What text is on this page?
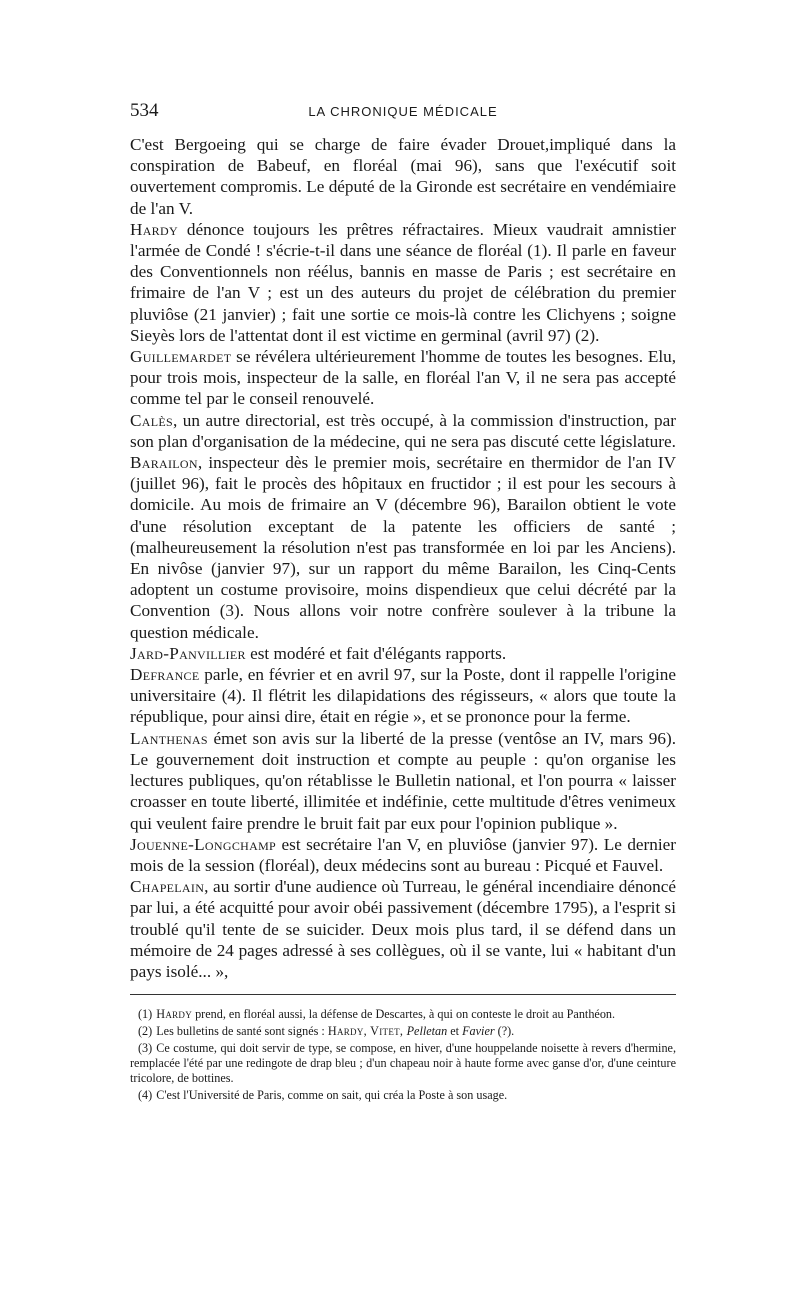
534	LA CHRONIQUE MÉDICALE

C'est Bergoeing qui se charge de faire évader Drouet,impliqué dans la conspiration de Babeuf, en floréal (mai 96), sans que l'exécutif soit ouvertement compromis. Le député de la Gironde est secrétaire en vendémiaire de l'an V.

Hardy dénonce toujours les prêtres réfractaires. Mieux vaudrait amnistier l'armée de Condé ! s'écrie-t-il dans une séance de floréal (1). Il parle en faveur des Conventionnels non réélus, bannis en masse de Paris ; est secrétaire en frimaire de l'an V ; est un des auteurs du projet de célébration du premier pluviôse (21 janvier) ; fait une sortie ce mois-là contre les Clichyens ; soigne Sieyès lors de l'attentat dont il est victime en germinal (avril 97) (2).

Guillemardet se révélera ultérieurement l'homme de toutes les besognes. Elu, pour trois mois, inspecteur de la salle, en floréal l'an V, il ne sera pas accepté comme tel par le conseil renouvelé.

Calès, un autre directorial, est très occupé, à la commission d'instruction, par son plan d'organisation de la médecine, qui ne sera pas discuté cette législature.

Barailon, inspecteur dès le premier mois, secrétaire en thermidor de l'an IV (juillet 96), fait le procès des hôpitaux en fructidor ; il est pour les secours à domicile. Au mois de frimaire an V (décembre 96), Barailon obtient le vote d'une résolution exceptant de la patente les officiers de santé ; (malheureusement la résolution n'est pas transformée en loi par les Anciens). En nivôse (janvier 97), sur un rapport du même Barailon, les Cinq-Cents adoptent un costume provisoire, moins dispendieux que celui décrété par la Convention (3). Nous allons voir notre confrère soulever à la tribune la question médicale.

Jard-Panvillier est modéré et fait d'élégants rapports.

Defrance parle, en février et en avril 97, sur la Poste, dont il rappelle l'origine universitaire (4). Il flétrit les dilapidations des régisseurs, « alors que toute la république, pour ainsi dire, était en régie », et se prononce pour la ferme.

Lanthenas émet son avis sur la liberté de la presse (ventôse an IV, mars 96). Le gouvernement doit instruction et compte au peuple : qu'on organise les lectures publiques, qu'on rétablisse le Bulletin national, et l'on pourra « laisser croasser en toute liberté, illimitée et indéfinie, cette multitude d'êtres venimeux qui veulent faire prendre le bruit fait par eux pour l'opinion publique ».

Jouenne-Longchamp est secrétaire l'an V, en pluviôse (janvier 97). Le dernier mois de la session (floréal), deux médecins sont au bureau : Picqué et Fauvel.

Chapelain, au sortir d'une audience où Turreau, le général incendiaire dénoncé par lui, a été acquitté pour avoir obéi passivement (décembre 1795), a l'esprit si troublé qu'il tente de se suicider. Deux mois plus tard, il se défend dans un mémoire de 24 pages adressé à ses collègues, où il se vante, lui « habitant d'un pays isolé... »,

(1) Hardy prend, en floréal aussi, la défense de Descartes, à qui on conteste le droit au Panthéon.

(2) Les bulletins de santé sont signés : Hardy, Vitet, Pelletan et Favier (?).

(3) Ce costume, qui doit servir de type, se compose, en hiver, d'une houppelande noisette à revers d'hermine, remplacée l'été par une redingote de drap bleu ; d'un chapeau noir à haute forme avec ganse d'or, d'une ceinture tricolore, de bottines.

(4) C'est l'Université de Paris, comme on sait, qui créa la Poste à son usage.
